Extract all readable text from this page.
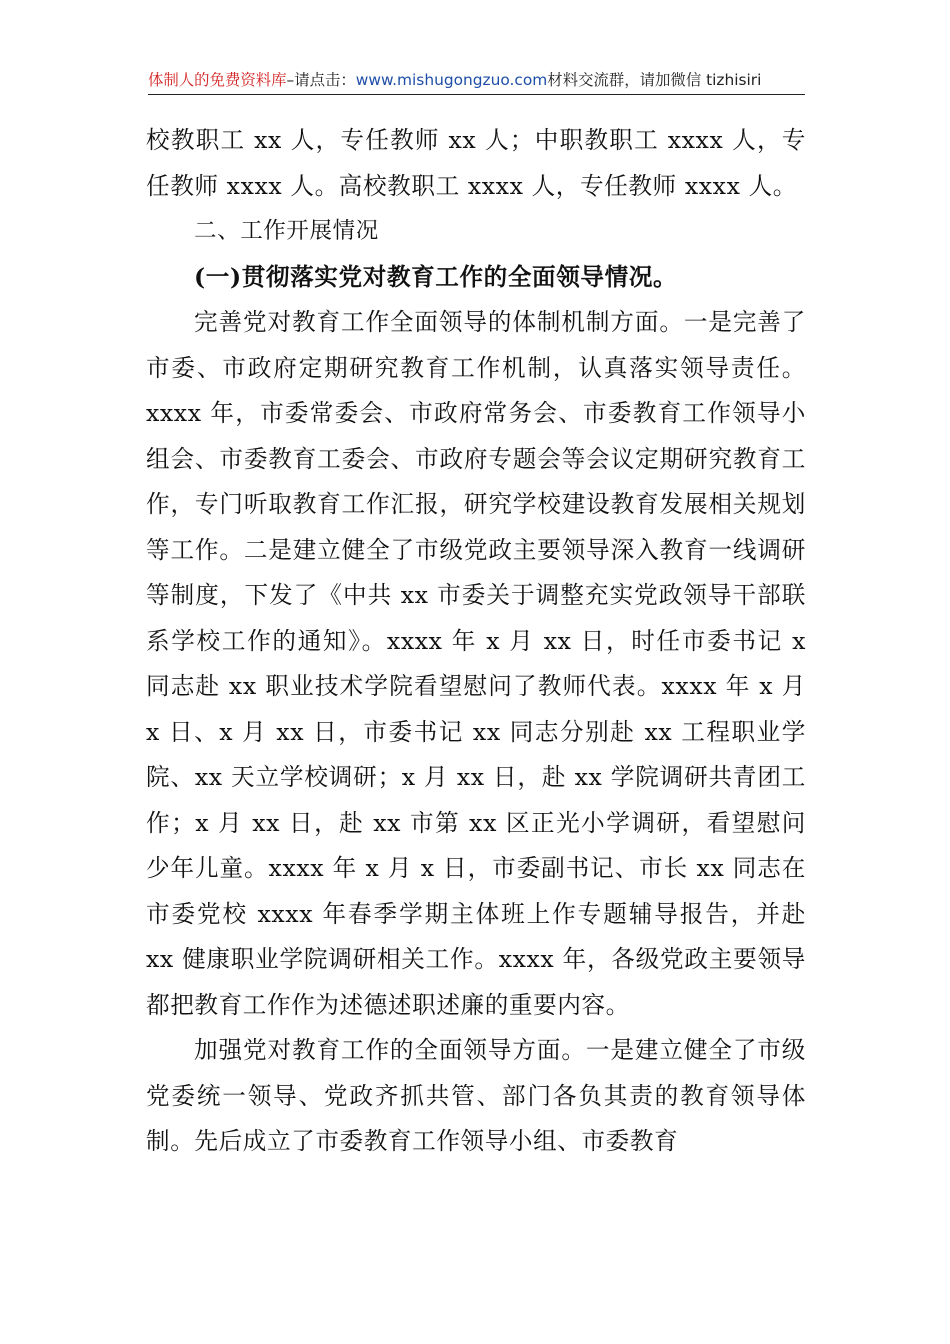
体制人的免费资料库–请点击：www.mishugongzuo.com材料交流群，请加微信 tizhisiri

校教职工 xx 人，专任教师 xx 人；中职教职工 xxxx 人，专任教师 xxxx 人。高校教职工 xxxx 人，专任教师 xxxx 人。

二、工作开展情况

(一)贯彻落实党对教育工作的全面领导情况。

完善党对教育工作全面领导的体制机制方面。一是完善了市委、市政府定期研究教育工作机制，认真落实领导责任。xxxx 年，市委常委会、市政府常务会、市委教育工作领导小组会、市委教育工委会、市政府专题会等会议定期研究教育工作，专门听取教育工作汇报，研究学校建设教育发展相关规划等工作。二是建立健全了市级党政主要领导深入教育一线调研等制度，下发了《中共 xx 市委关于调整充实党政领导干部联系学校工作的通知》。xxxx 年 x 月 xx 日，时任市委书记 x 同志赴 xx 职业技术学院看望慰问了教师代表。xxxx 年 x 月 x 日、x 月 xx 日，市委书记 xx 同志分别赴 xx 工程职业学院、xx 天立学校调研；x 月 xx 日，赴 xx 学院调研共青团工作；x 月 xx 日，赴 xx 市第 xx 区正光小学调研，看望慰问少年儿童。xxxx 年 x 月 x 日，市委副书记、市长 xx 同志在市委党校 xxxx 年春季学期主体班上作专题辅导报告，并赴 xx 健康职业学院调研相关工作。xxxx 年，各级党政主要领导都把教育工作作为述德述职述廉的重要内容。

加强党对教育工作的全面领导方面。一是建立健全了市级党委统一领导、党政齐抓共管、部门各负其责的教育领导体制。先后成立了市委教育工作领导小组、市委教育
